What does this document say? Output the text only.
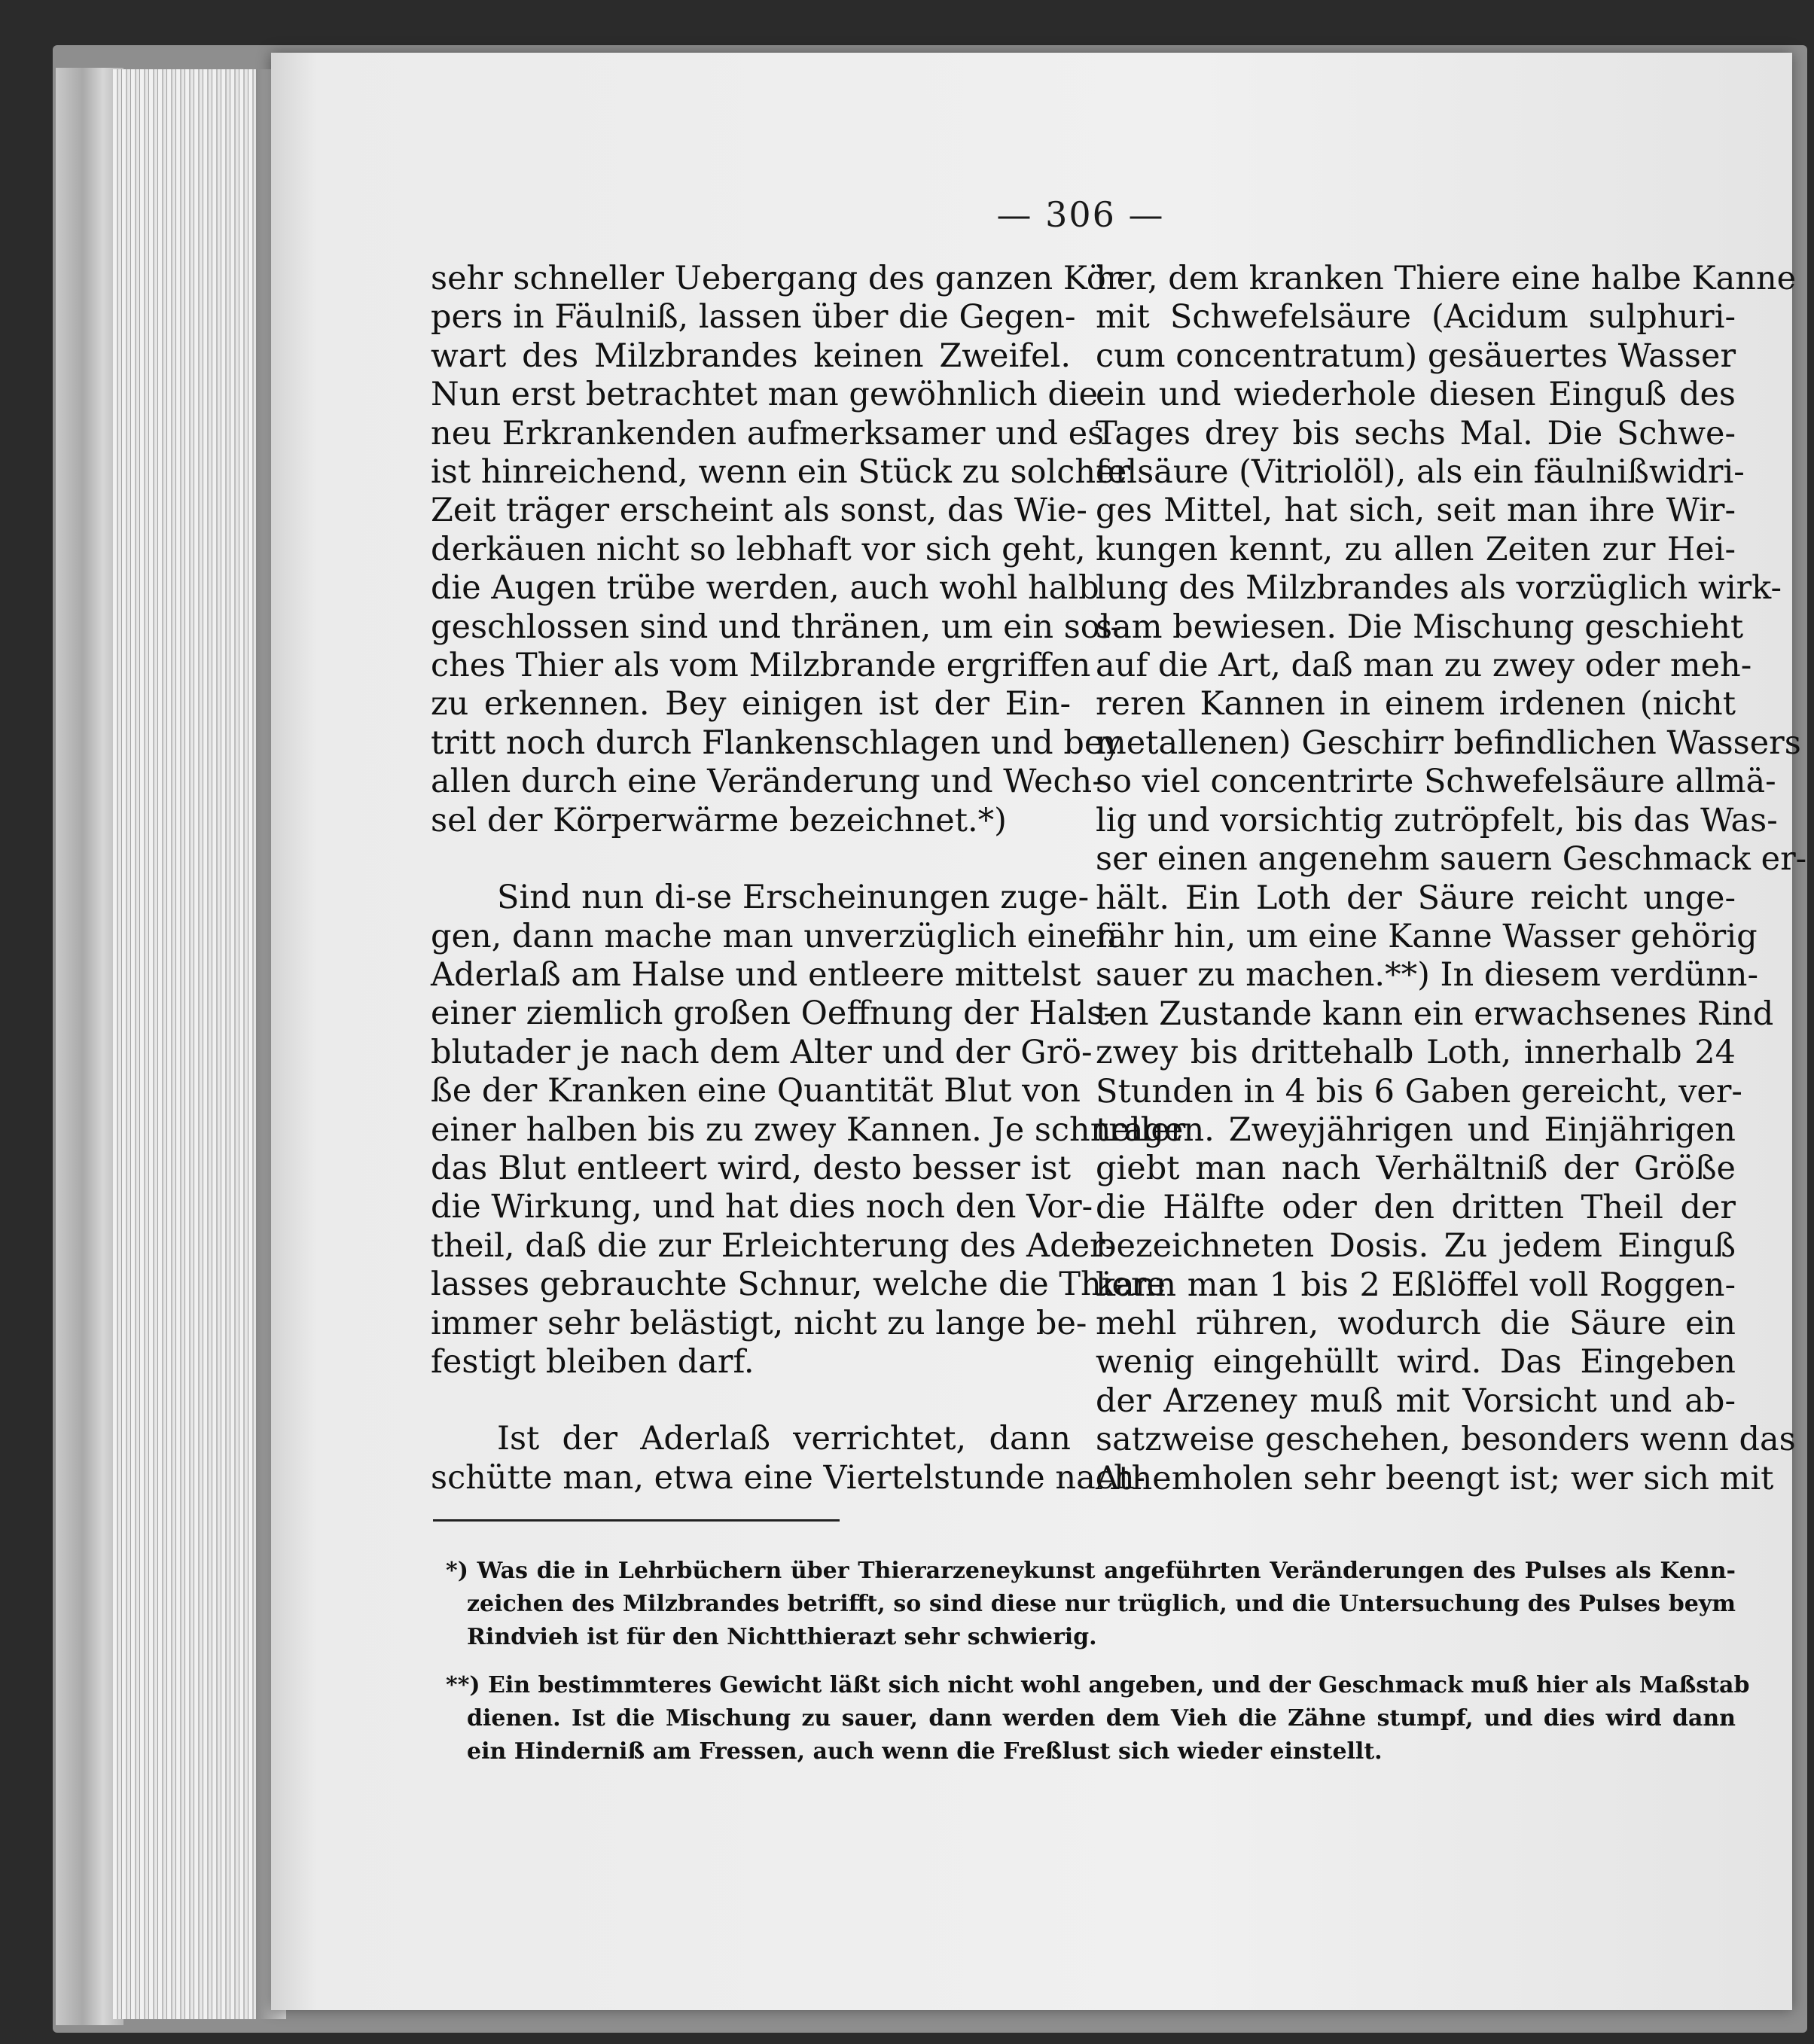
— 306 —
sehr schneller Uebergang des ganzen Kör-
pers in Fäulniß, lassen über die Gegen-
wart des Milzbrandes keinen Zweifel.
Nun erst betrachtet man gewöhnlich die
neu Erkrankenden aufmerksamer und es
ist hinreichend, wenn ein Stück zu solcher
Zeit träger erscheint als sonst, das Wie-
derkäuen nicht so lebhaft vor sich geht,
die Augen trübe werden, auch wohl halb
geschlossen sind und thränen, um ein sol-
ches Thier als vom Milzbrande ergriffen
zu erkennen. Bey einigen ist der Ein-
tritt noch durch Flankenschlagen und bey
allen durch eine Veränderung und Wech-
sel der Körperwärme bezeichnet.*)
Sind nun di-se Erscheinungen zuge-
gen, dann mache man unverzüglich einen
Aderlaß am Halse und entleere mittelst
einer ziemlich großen Oeffnung der Hals-
blutader je nach dem Alter und der Grö-
ße der Kranken eine Quantität Blut von
einer halben bis zu zwey Kannen. Je schneller
das Blut entleert wird, desto besser ist
die Wirkung, und hat dies noch den Vor-
theil, daß die zur Erleichterung des Ader-
lasses gebrauchte Schnur, welche die Thiere
immer sehr belästigt, nicht zu lange be-
festigt bleiben darf.
Ist der Aderlaß verrichtet, dann
schütte man, etwa eine Viertelstunde nach-
her, dem kranken Thiere eine halbe Kanne
mit Schwefelsäure (Acidum sulphuri-
cum concentratum) gesäuertes Wasser
ein und wiederhole diesen Einguß des
Tages drey bis sechs Mal. Die Schwe-
felsäure (Vitriolöl), als ein fäulnißwidri-
ges Mittel, hat sich, seit man ihre Wir-
kungen kennt, zu allen Zeiten zur Hei-
lung des Milzbrandes als vorzüglich wirk-
sam bewiesen. Die Mischung geschieht
auf die Art, daß man zu zwey oder meh-
reren Kannen in einem irdenen (nicht
metallenen) Geschirr befindlichen Wassers
so viel concentrirte Schwefelsäure allmä-
lig und vorsichtig zutröpfelt, bis das Was-
ser einen angenehm sauern Geschmack er-
hält. Ein Loth der Säure reicht unge-
fähr hin, um eine Kanne Wasser gehörig
sauer zu machen.**) In diesem verdünn-
ten Zustande kann ein erwachsenes Rind
zwey bis drittehalb Loth, innerhalb 24
Stunden in 4 bis 6 Gaben gereicht, ver-
tragen. Zweyjährigen und Einjährigen
giebt man nach Verhältniß der Größe
die Hälfte oder den dritten Theil der
bezeichneten Dosis. Zu jedem Einguß
kann man 1 bis 2 Eßlöffel voll Roggen-
mehl rühren, wodurch die Säure ein
wenig eingehüllt wird. Das Eingeben
der Arzeney muß mit Vorsicht und ab-
satzweise geschehen, besonders wenn das
Athemholen sehr beengt ist; wer sich mit
*) Was die in Lehrbüchern über Thierarzeneykunst angeführten Veränderungen des Pulses als Kenn-
zeichen des Milzbrandes betrifft, so sind diese nur trüglich, und die Untersuchung des Pulses beym
Rindvieh ist für den Nichtthierazt sehr schwierig.
**) Ein bestimmteres Gewicht läßt sich nicht wohl angeben, und der Geschmack muß hier als Maßstab
dienen. Ist die Mischung zu sauer, dann werden dem Vieh die Zähne stumpf, und dies wird dann
ein Hinderniß am Fressen, auch wenn die Freßlust sich wieder einstellt.
